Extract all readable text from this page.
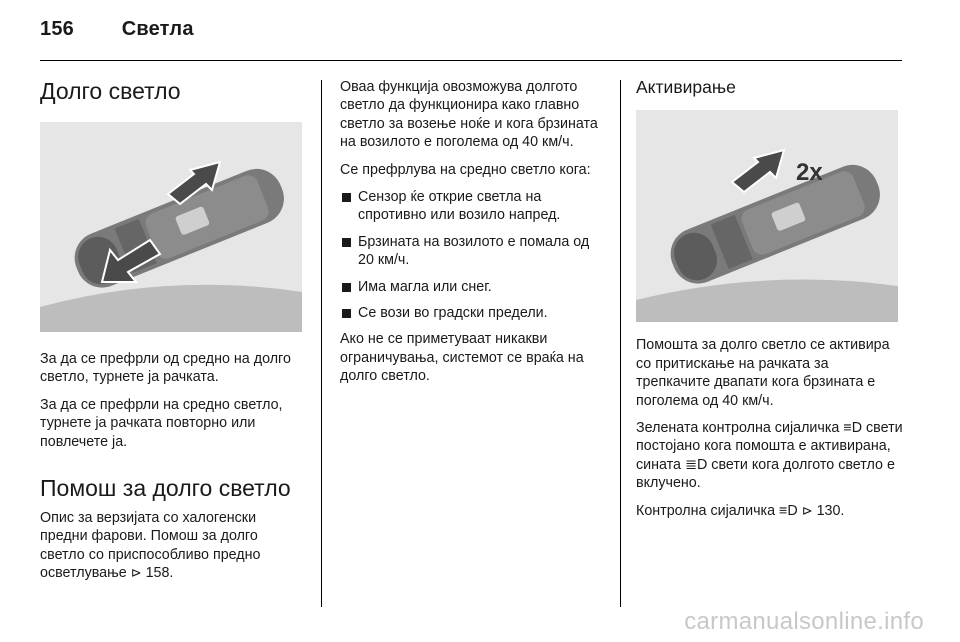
156 Светла
Долго светло

За да се префрли од средно на долго светло, турнете ја рачката.

За да се префрли на средно светло, турнете ја рачката повторно или повлечете ја.

Помош за долго светло

Опис за верзијата со халогенски предни фарови. Помош за долго светло со приспособливо предно осветлување ⊳ 158.

Оваа функција овозможува долгото светло да функционира како главно светло за возење ноќе и кога брзината на возилото е поголема од 40 км/ч.

Се префрлува на средно светло кога:

Сензор ќе открие светла на спротивно или возило напред.
Брзината на возилото е помала од 20 км/ч.
Има магла или снег.
Се вози во градски предели.

Ако не се приметуваат никакви ограничувања, системот се враќа на долго светло.

Активирање
2x

Помошта за долго светло се активира со притискање на рачката за трепкачите двапати кога брзината е поголема од 40 км/ч.

Зелената контролна сијаличка ≡D свети постојано кога помошта е активирана, сината ≣D свети кога долгото светло е вклучено.

Контролна сијаличка ≡D ⊳ 130.

carmanualsonline.info
